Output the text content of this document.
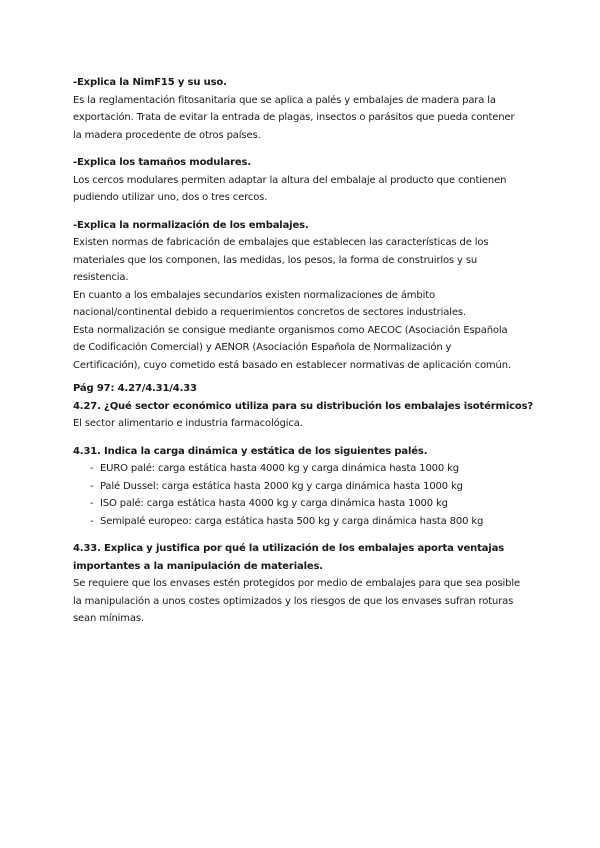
-Explica la NimF15 y su uso.
Es la reglamentación fitosanitaria que se aplica a palés y embalajes de madera para la
exportación. Trata de evitar la entrada de plagas, insectos o parásitos que pueda contener
la madera procedente de otros países.
-Explica los tamaños modulares.
Los cercos modulares permiten adaptar la altura del embalaje al producto que contienen
pudiendo utilizar uno, dos o tres cercos.
-Explica la normalización de los embalajes.
Existen normas de fabricación de embalajes que establecen las características de los
materiales que los componen, las medidas, los pesos, la forma de construirlos y su
resistencia.
En cuanto a los embalajes secundarios existen normalizaciones de ámbito
nacional/continental debido a requerimientos concretos de sectores industriales.
Esta normalización se consigue mediante organismos como AECOC (Asociación Española
de Codificación Comercial) y AENOR (Asociación Española de Normalización y
Certificación), cuyo cometido está basado en establecer normativas de aplicación común.
Pág 97: 4.27/4.31/4.33
4.27. ¿Qué sector económico utiliza para su distribución los embalajes isotérmicos?
El sector alimentario e industria farmacológica.
4.31. Indica la carga dinámica y estática de los siguientes palés.
- EURO palé: carga estática hasta 4000 kg y carga dinámica hasta 1000 kg
- Palé Dussel: carga estática hasta 2000 kg y carga dinámica hasta 1000 kg
- ISO palé: carga estática hasta 4000 kg y carga dinámica hasta 1000 kg
- Semipalé europeo: carga estática hasta 500 kg y carga dinámica hasta 800 kg
4.33. Explica y justifica por qué la utilización de los embalajes aporta ventajas
importantes a la manipulación de materiales.
Se requiere que los envases estén protegidos por medio de embalajes para que sea posible
la manipulación a unos costes optimizados y los riesgos de que los envases sufran roturas
sean mínimas.
